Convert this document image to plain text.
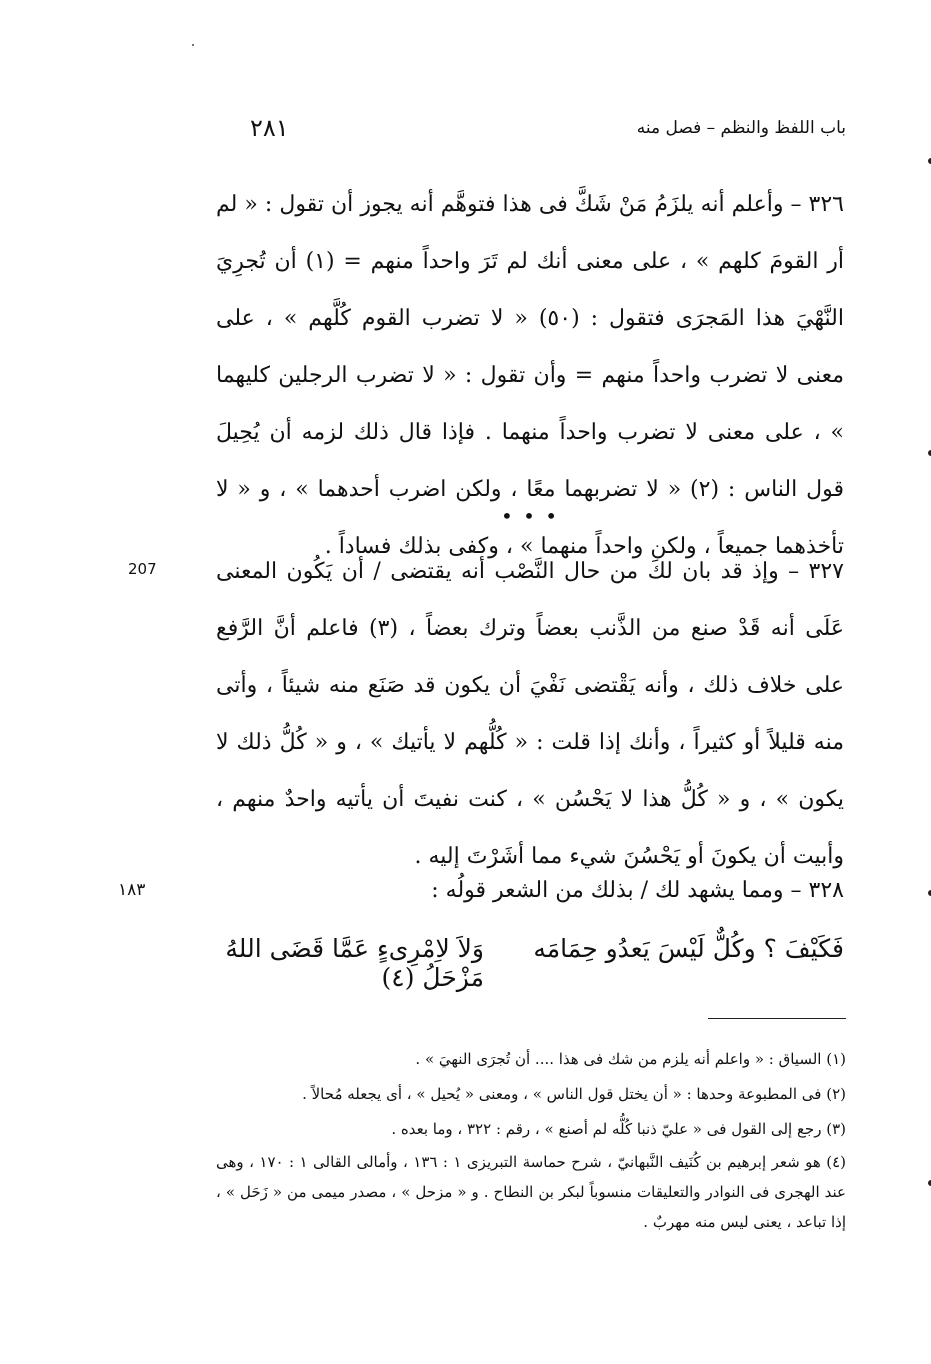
٢٨١	باب اللفظ والنظم – فصل منه

٣٢٦ – وأعلم أنه يلزَمُ مَنْ شَكَّ فى هذا فتوهَّم أنه يجوز أن تقول : « لم أر القومَ كلهم » ، على معنى أنك لم تَرَ واحداً منهم = (١) أن تُجرِيَ النَّهْيَ هذا المَجرَى فتقول : (٥٠) « لا تضرب القوم كُلَّهم » ، على معنى لا تضرب واحداً منهم = وأن تقول : « لا تضرب الرجلين كليهما » ، على معنى لا تضرب واحداً منهما . فإذا قال ذلك لزمه أن يُحِيلَ قول الناس : (٢) « لا تضربهما معًا ، ولكن اضرب أحدهما » ، و « لا تأخذهما جميعاً ، ولكن واحداً منهما » ، وكفى بذلك فساداً .

• • •

٣٢٧ – وإذ قد بان لكَ من حال النَّصْب أنه يقتضى / أن يَكُون المعنى عَلَى أنه قَدْ صنع من الذَّنب بعضاً وترك بعضاً ، (٣) فاعلم أنَّ الرَّفع على خلاف ذلك ، وأنه يَقْتضى نَفْيَ أن يكون قد صَنَع منه شيئاً ، وأتى منه قليلاً أو كثيراً ، وأنك إذا قلت : « كُلُّهم لا يأتيك » ، و « كُلُّ ذلك لا يكون » ، و « كُلُّ هذا لا يَحْسُن » ، كنت نفيتَ أن يأتيه واحدٌ منهم ، وأبيت أن يكونَ أو يَحْسُنَ شيء مما أشَرْتَ إليه .

٣٢٨ – ومما يشهد لك / بذلك من الشعر قولُه :

فَكَيْفَ ؟ وكُلٌّ لَيْسَ يَعدُو حِمَامَه
وَلاَ لاِمْرِىءٍ عَمَّا قَضَى اللهُ مَزْحَلُ (٤)
207
١٨٣
(١) السياق : « واعلم أنه يلزم من شك فى هذا .... أن تُجرَى النهيَ » .
(٢) فى المطبوعة وحدها : « أن يختل قول الناس » ، ومعنى « يُحيل » ، أى يجعله مُحالاً .
(٣) رجع إلى القول فى « عليّ ذنبا كُلُّه لم أصنع » ، رقم : ٣٢٢ ، وما بعده .
(٤) هو شعر إبرهيم بن كُنَيف النَّبهانيّ ، شرح حماسة التبريزى ١ : ١٣٦ ، وأمالى القالى ١ : ١٧٠ ، وهى عند الهجرى فى النوادر والتعليقات منسوباً لبكر بن النطاح . و « مزحل » ، مصدر ميمى من « زَحَل » ، إذا تباعد ، يعنى ليس منه مهربٌ .
